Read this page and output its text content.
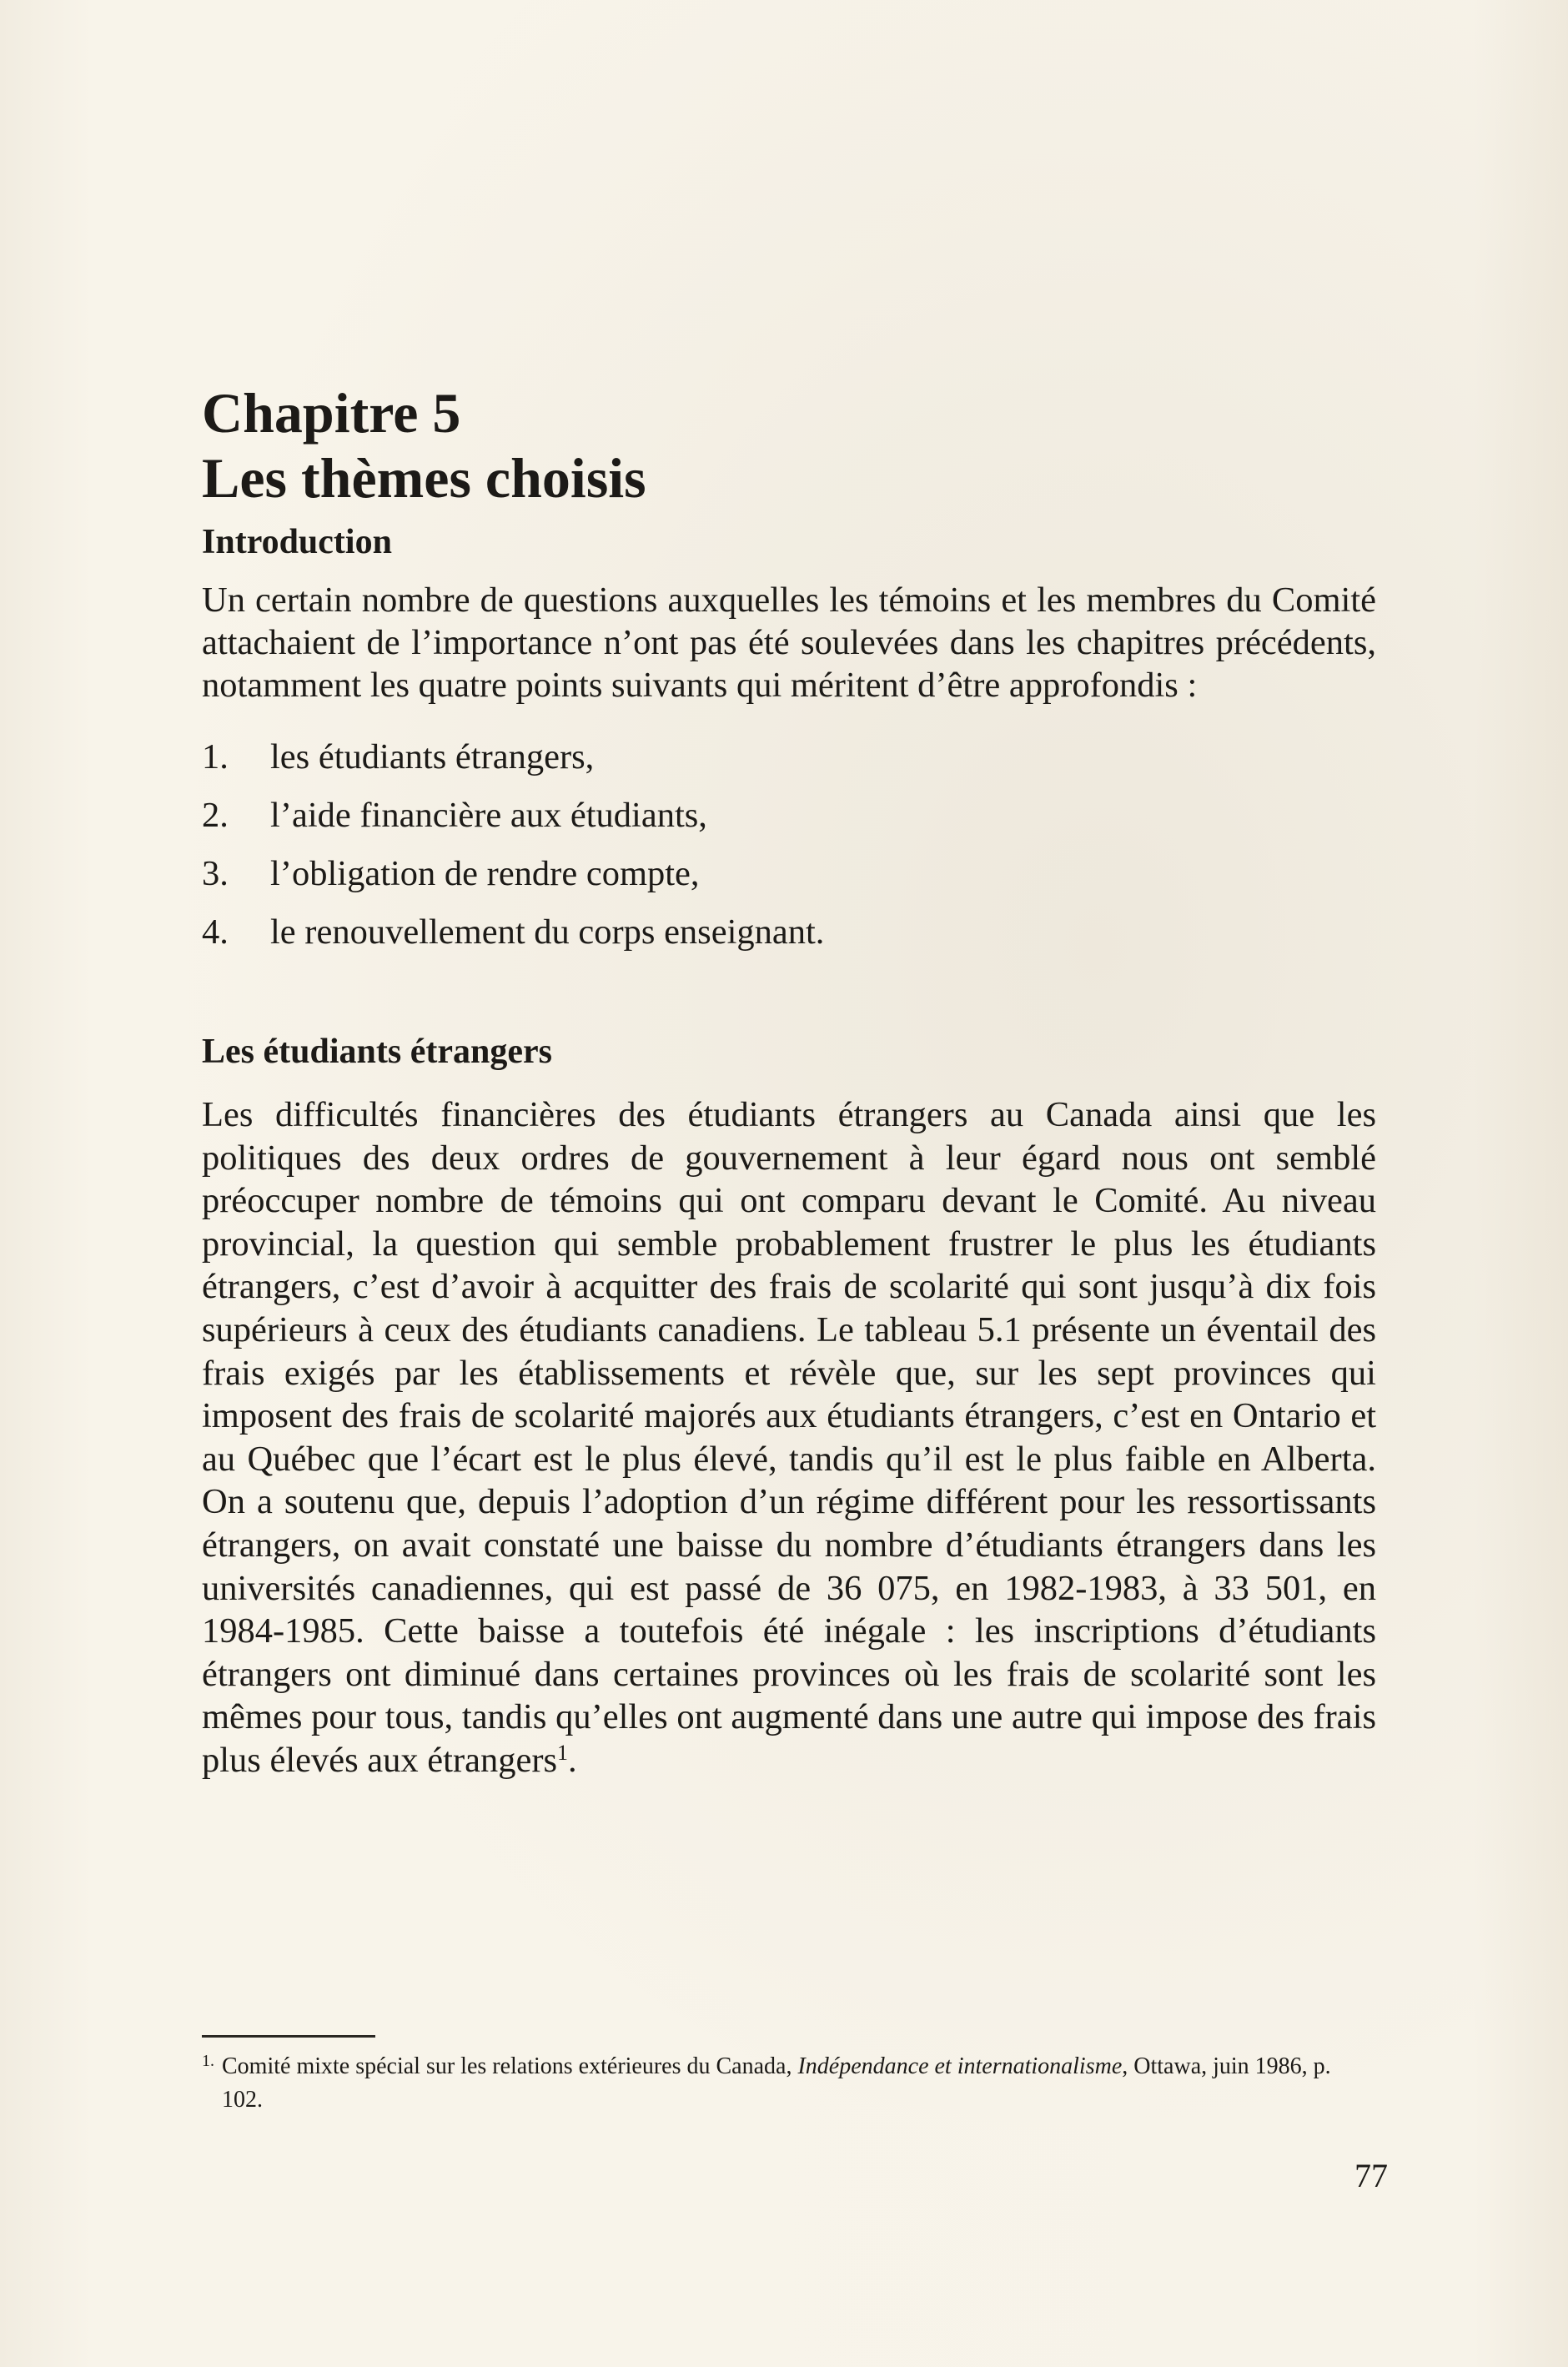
Chapitre 5
Les thèmes choisis
Introduction

Un certain nombre de questions auxquelles les témoins et les membres du Comité attachaient de l’importance n’ont pas été soulevées dans les chapitres précédents, notamment les quatre points suivants qui méritent d’être approfondis :

1.	les étudiants étrangers,
2.	l’aide financière aux étudiants,
3.	l’obligation de rendre compte,
4.	le renouvellement du corps enseignant.
Les étudiants étrangers

Les difficultés financières des étudiants étrangers au Canada ainsi que les politiques des deux ordres de gouvernement à leur égard nous ont semblé préoccuper nombre de témoins qui ont comparu devant le Comité. Au niveau provincial, la question qui semble probablement frustrer le plus les étudiants étrangers, c’est d’avoir à acquitter des frais de scolarité qui sont jusqu’à dix fois supérieurs à ceux des étudiants canadiens. Le tableau 5.1 présente un éventail des frais exigés par les établissements et révèle que, sur les sept provinces qui imposent des frais de scolarité majorés aux étudiants étrangers, c’est en Ontario et au Québec que l’écart est le plus élevé, tandis qu’il est le plus faible en Alberta. On a soutenu que, depuis l’adoption d’un régime différent pour les ressortissants étrangers, on avait constaté une baisse du nombre d’étudiants étrangers dans les universités canadiennes, qui est passé de 36 075, en 1982-1983, à 33 501, en 1984-1985. Cette baisse a toutefois été inégale : les inscriptions d’étudiants étrangers ont diminué dans certaines provinces où les frais de scolarité sont les mêmes pour tous, tandis qu’elles ont augmenté dans une autre qui impose des frais plus élevés aux étrangers$^1$.

1. Comité mixte spécial sur les relations extérieures du Canada, Indépendance et internationalisme, Ottawa, juin 1986, p. 102.
77
